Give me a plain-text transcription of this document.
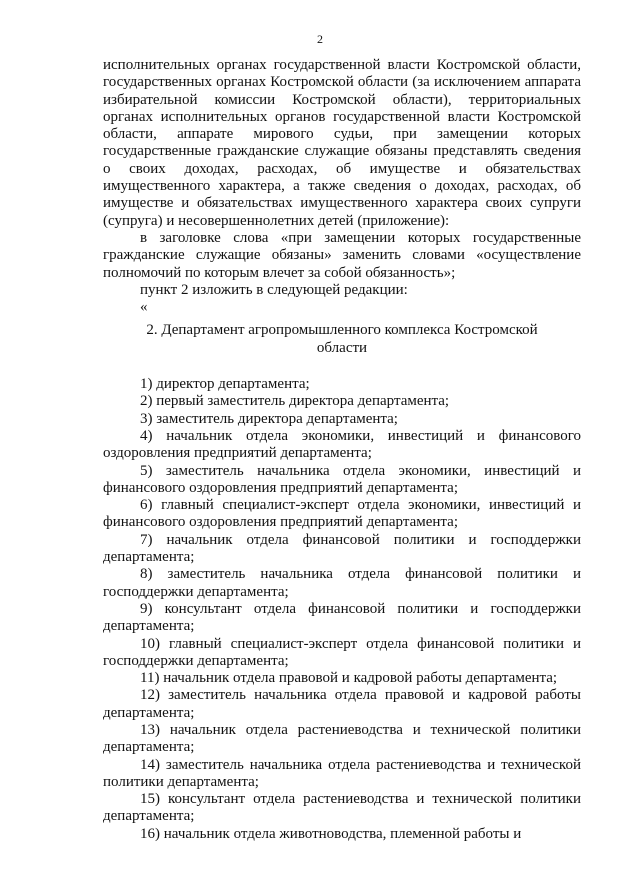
2

исполнительных органах государственной власти Костромской области, государственных органах Костромской области (за исключением аппарата избирательной комиссии Костромской области), территориальных органах исполнительных органов государственной власти Костромской области, аппарате мирового судьи, при замещении которых государственные гражданские служащие обязаны представлять сведения о своих доходах, расходах, об имуществе и обязательствах имущественного характера, а также сведения о доходах, расходах, об имуществе и обязательствах имущественного характера своих супруги (супруга) и несовершеннолетних детей (приложение):

в заголовке слова «при замещении которых государственные гражданские служащие обязаны» заменить словами «осуществление полномочий по которым влечет за собой обязанность»;

пункт 2 изложить в следующей редакции:

«

2. Департамент агропромышленного комплекса Костромской области

1) директор департамента;

2) первый заместитель директора департамента;

3) заместитель директора департамента;

4) начальник отдела экономики, инвестиций и финансового оздоровления предприятий департамента;

5) заместитель начальника отдела экономики, инвестиций и финансового оздоровления предприятий департамента;

6) главный специалист-эксперт отдела экономики, инвестиций и финансового оздоровления предприятий департамента;

7) начальник отдела финансовой политики и господдержки департамента;

8) заместитель начальника отдела финансовой политики и господдержки департамента;

9) консультант отдела финансовой политики и господдержки департамента;

10) главный специалист-эксперт отдела финансовой политики и господдержки департамента;

11) начальник отдела правовой и кадровой работы департамента;

12) заместитель начальника отдела правовой и кадровой работы департамента;

13) начальник отдела растениеводства и технической политики департамента;

14) заместитель начальника отдела растениеводства и технической политики департамента;

15) консультант отдела растениеводства и технической политики департамента;

16) начальник отдела животноводства, племенной работы и
